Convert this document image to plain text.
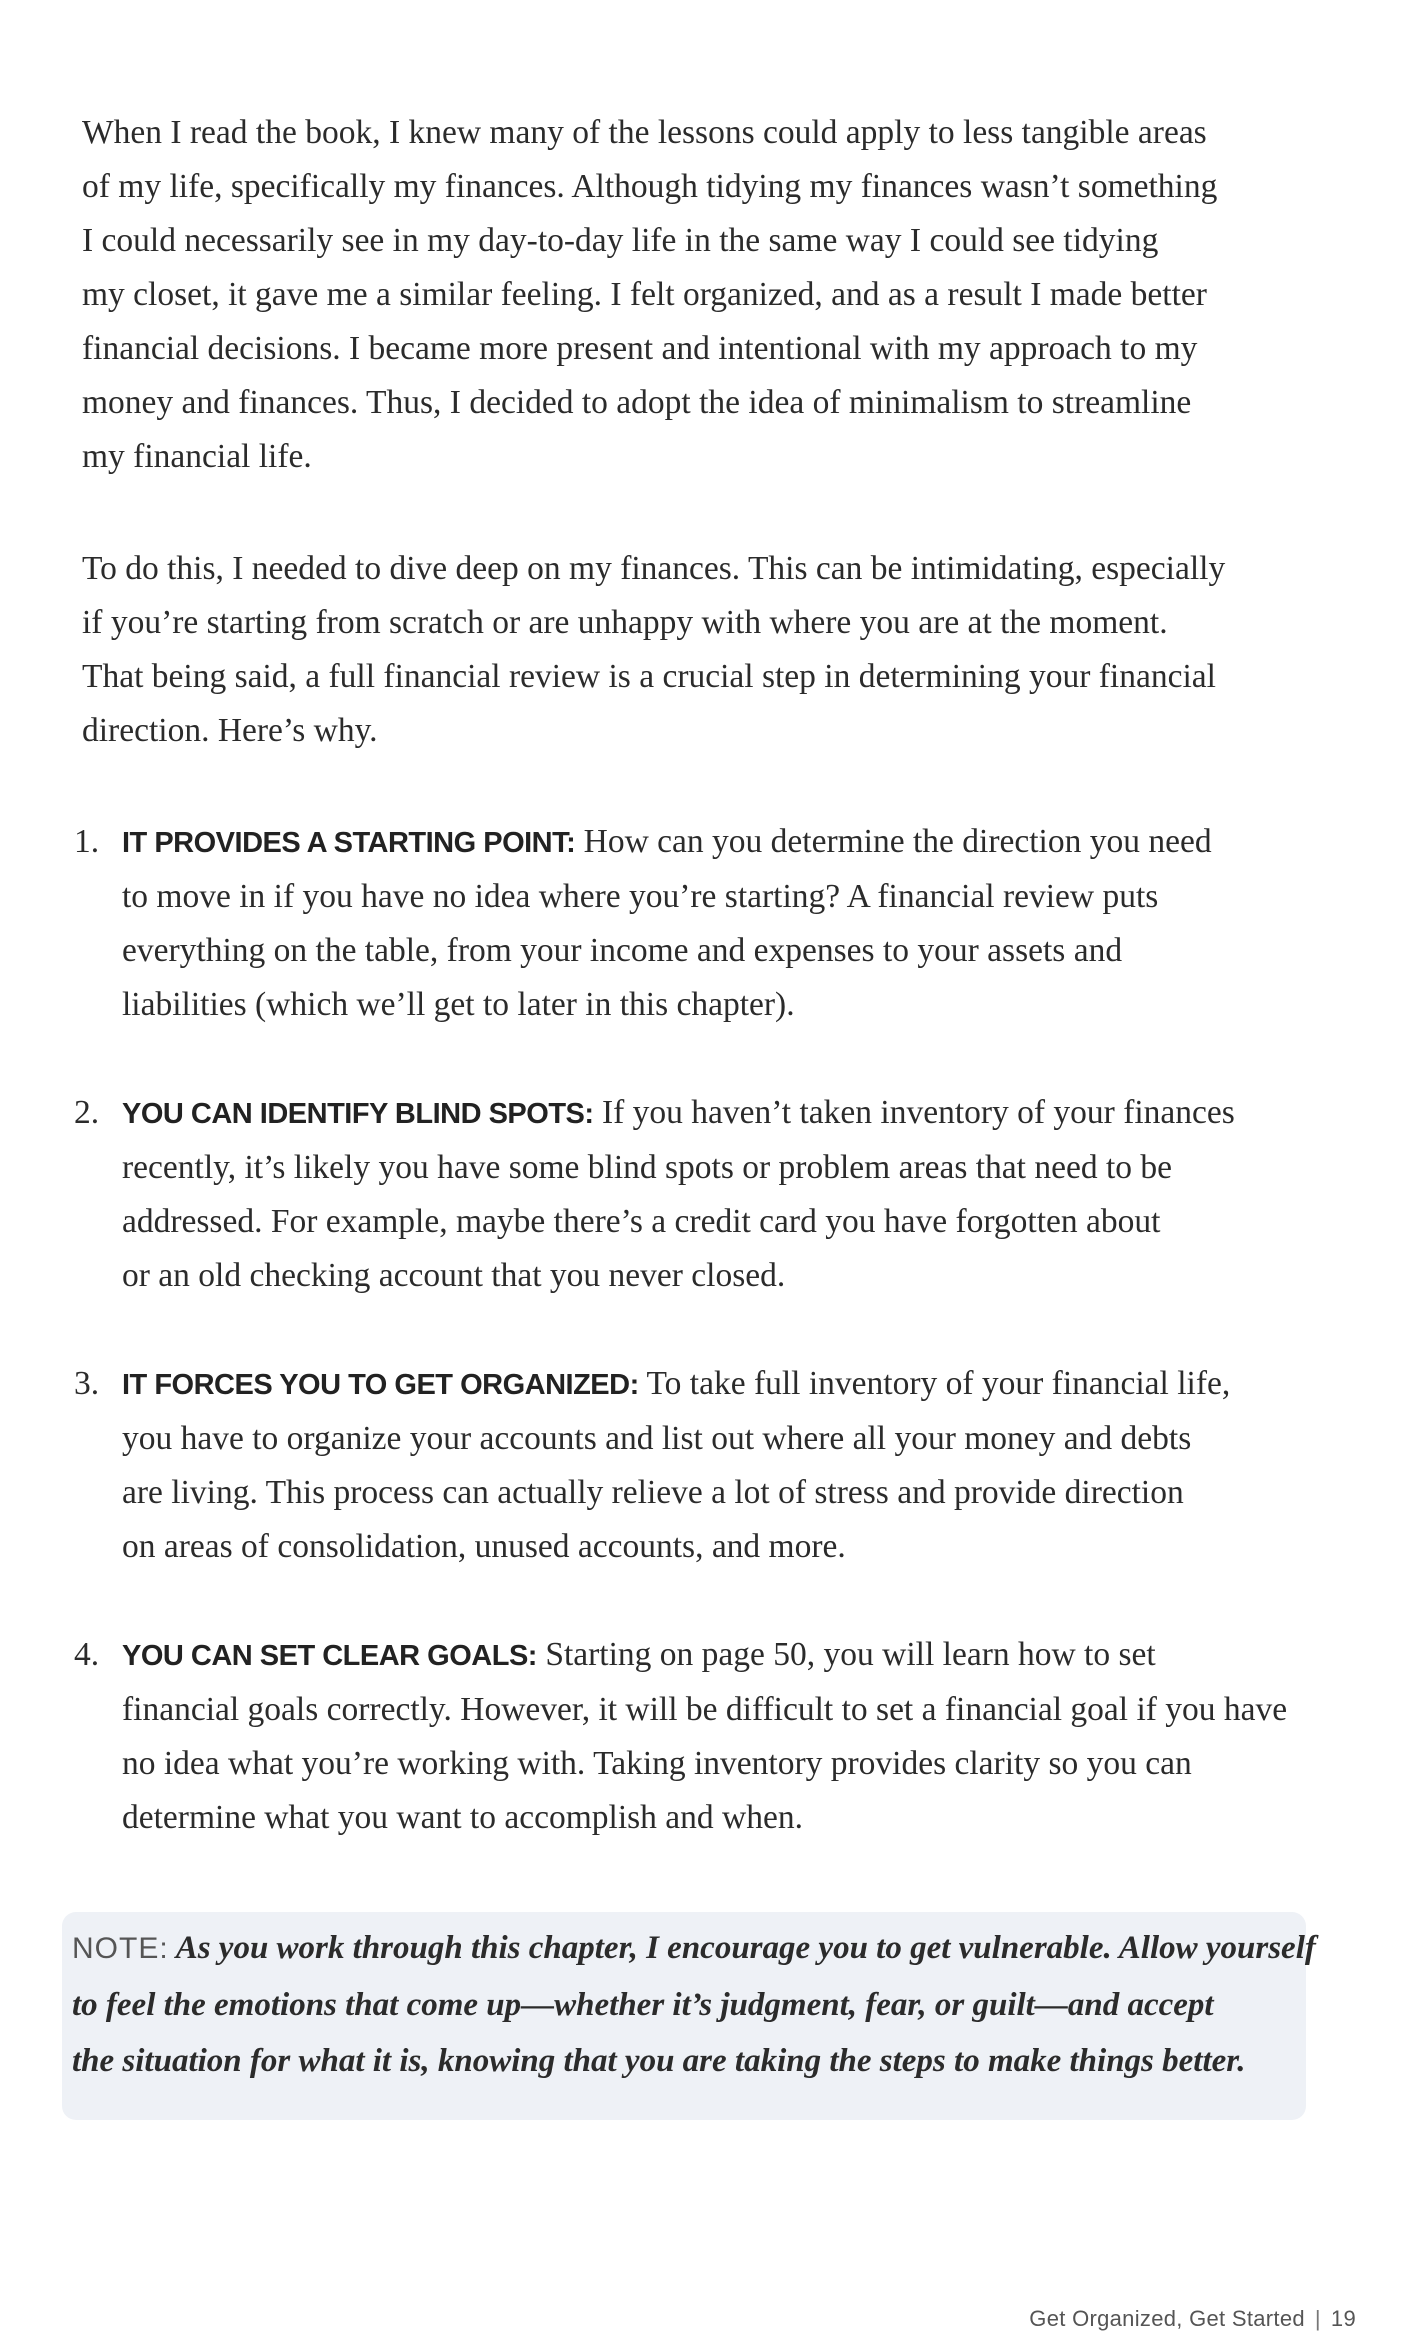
When I read the book, I knew many of the lessons could apply to less tangible areas
of my life, specifically my finances. Although tidying my finances wasn’t something
I could necessarily see in my day-to-day life in the same way I could see tidying
my closet, it gave me a similar feeling. I felt organized, and as a result I made better
financial decisions. I became more present and intentional with my approach to my
money and finances. Thus, I decided to adopt the idea of minimalism to streamline
my financial life.

To do this, I needed to dive deep on my finances. This can be intimidating, especially
if you’re starting from scratch or are unhappy with where you are at the moment.
That being said, a full financial review is a crucial step in determining your financial
direction. Here’s why.

1. IT PROVIDES A STARTING POINT: How can you determine the direction you need
to move in if you have no idea where you’re starting? A financial review puts
everything on the table, from your income and expenses to your assets and
liabilities (which we’ll get to later in this chapter).
2. YOU CAN IDENTIFY BLIND SPOTS: If you haven’t taken inventory of your finances
recently, it’s likely you have some blind spots or problem areas that need to be
addressed. For example, maybe there’s a credit card you have forgotten about
or an old checking account that you never closed.
3. IT FORCES YOU TO GET ORGANIZED: To take full inventory of your financial life,
you have to organize your accounts and list out where all your money and debts
are living. This process can actually relieve a lot of stress and provide direction
on areas of consolidation, unused accounts, and more.
4. YOU CAN SET CLEAR GOALS: Starting on page 50, you will learn how to set
financial goals correctly. However, it will be difficult to set a financial goal if you have
no idea what you’re working with. Taking inventory provides clarity so you can
determine what you want to accomplish and when.
NOTE: As you work through this chapter, I encourage you to get vulnerable. Allow yourself
to feel the emotions that come up—whether it’s judgment, fear, or guilt—and accept
the situation for what it is, knowing that you are taking the steps to make things better.
Get Organized, Get Started | 19
